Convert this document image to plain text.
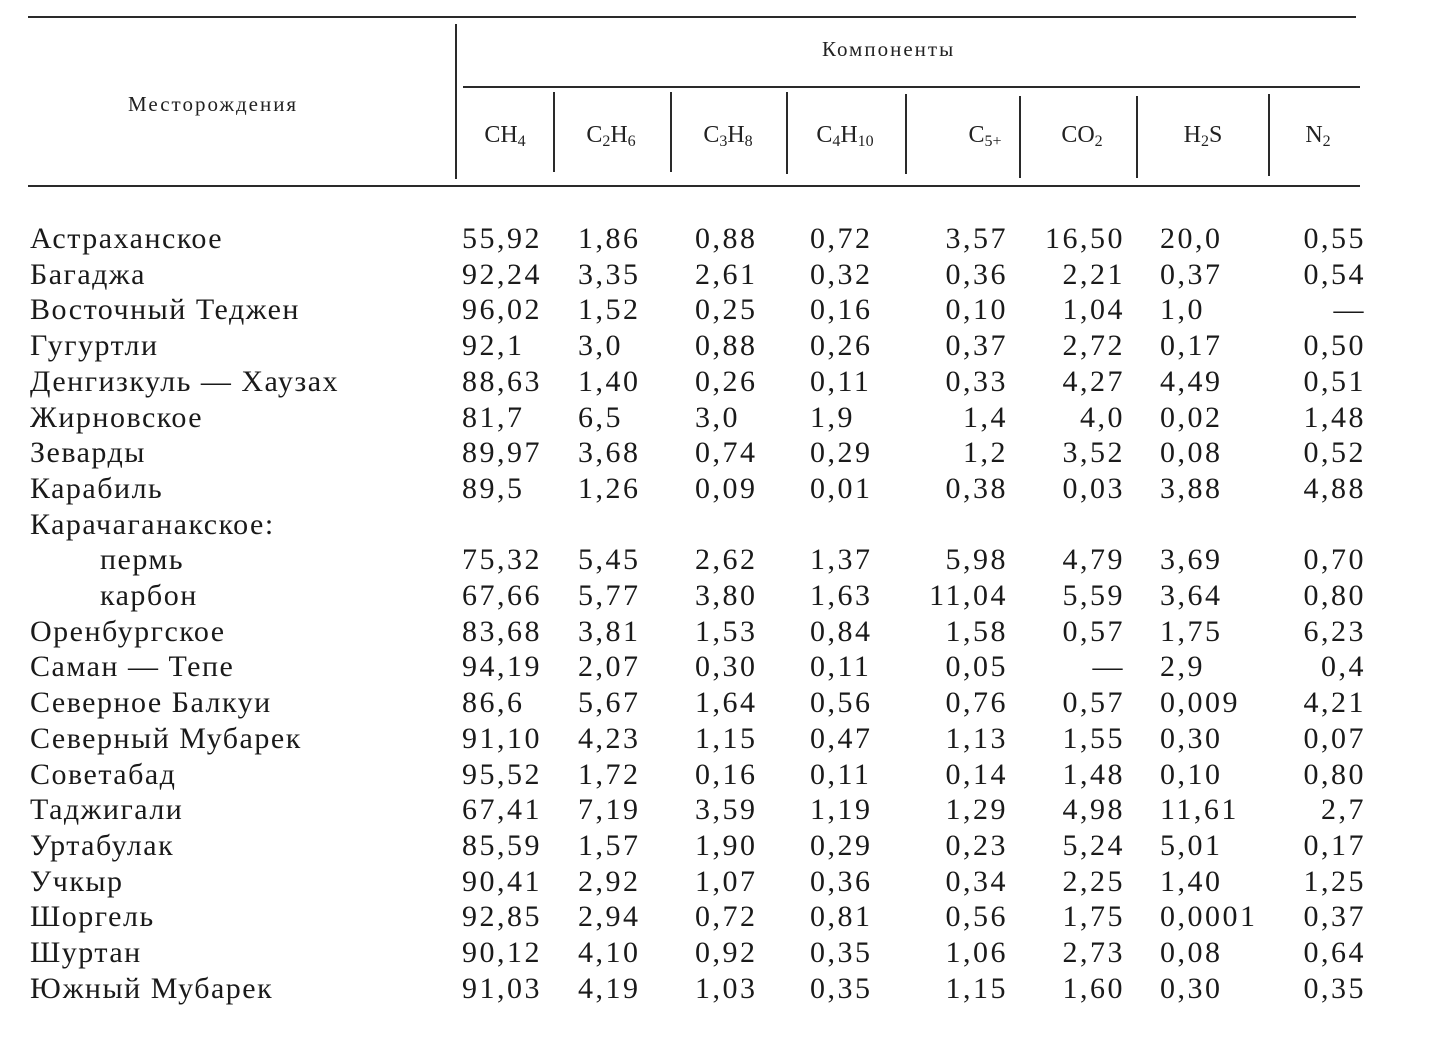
Месторождения
Компоненты
$CH_4$	$C_2H_6$	$C_3H_8$	$C_4H_{10}$	$C_{5+}$	$CO_2$	$H_2S$	$N_2$
Астраханское	55,92 1,86 0,88 0,72 3,57 16,50 20,0	0,55
Багаджа	92,24 3,35 2,61 0,32 0,36 2,21 0,37	0,54
Восточный Теджен	96,02 1,52 0,25 0,16 0,10 1,04 1,0	—
Гугуртли	92,1 3,0 0,88 0,26 0,37 2,72 0,17	0,50
Денгизкуль — Хаузах	88,63 1,40 0,26 0,11 0,33 4,27 4,49	0,51
Жирновское	81,7 6,5 3,0 1,9	1,4 4,0 0,02	1,48
Зеварды	89,97 3,68 0,74 0,29	1,2 3,52 0,08	0,52
Карабиль	89,5 1,26 0,09 0,01 0,38 0,03 3,88	4,88
Карачаганакское:
пермь	75,32 5,45 2,62 1,37 5,98 4,79 3,69	0,70
карбон	67,66 5,77 3,80 1,63 11,04 5,59 3,64	0,80
Оренбургское	83,68 3,81 1,53 0,84 1,58 0,57 1,75	6,23
Саман — Тепе	94,19 2,07 0,30 0,11 0,05	— 2,9	0,4
Северное Балкуи	86,6 5,67 1,64 0,56 0,76 0,57 0,009 4,21
Северный Мубарек	91,10 4,23 1,15 0,47 1,13 1,55 0,30	0,07
Советабад	95,52 1,72 0,16 0,11 0,14 1,48 0,10	0,80
Таджигали	67,41 7,19 3,59 1,19 1,29 4,98 11,61	2,7
Уртабулак	85,59 1,57 1,90 0,29 0,23 5,24 5,01	0,17
Учкыр	90,41 2,92 1,07 0,36 0,34 2,25 1,40	1,25
Шоргель	92,85 2,94 0,72 0,81 0,56 1,75 0,0001 0,37
Шуртан	90,12 4,10 0,92 0,35 1,06 2,73 0,08	0,64
Южный Мубарек	91,03 4,19 1,03 0,35 1,15 1,60 0,30	0,35
